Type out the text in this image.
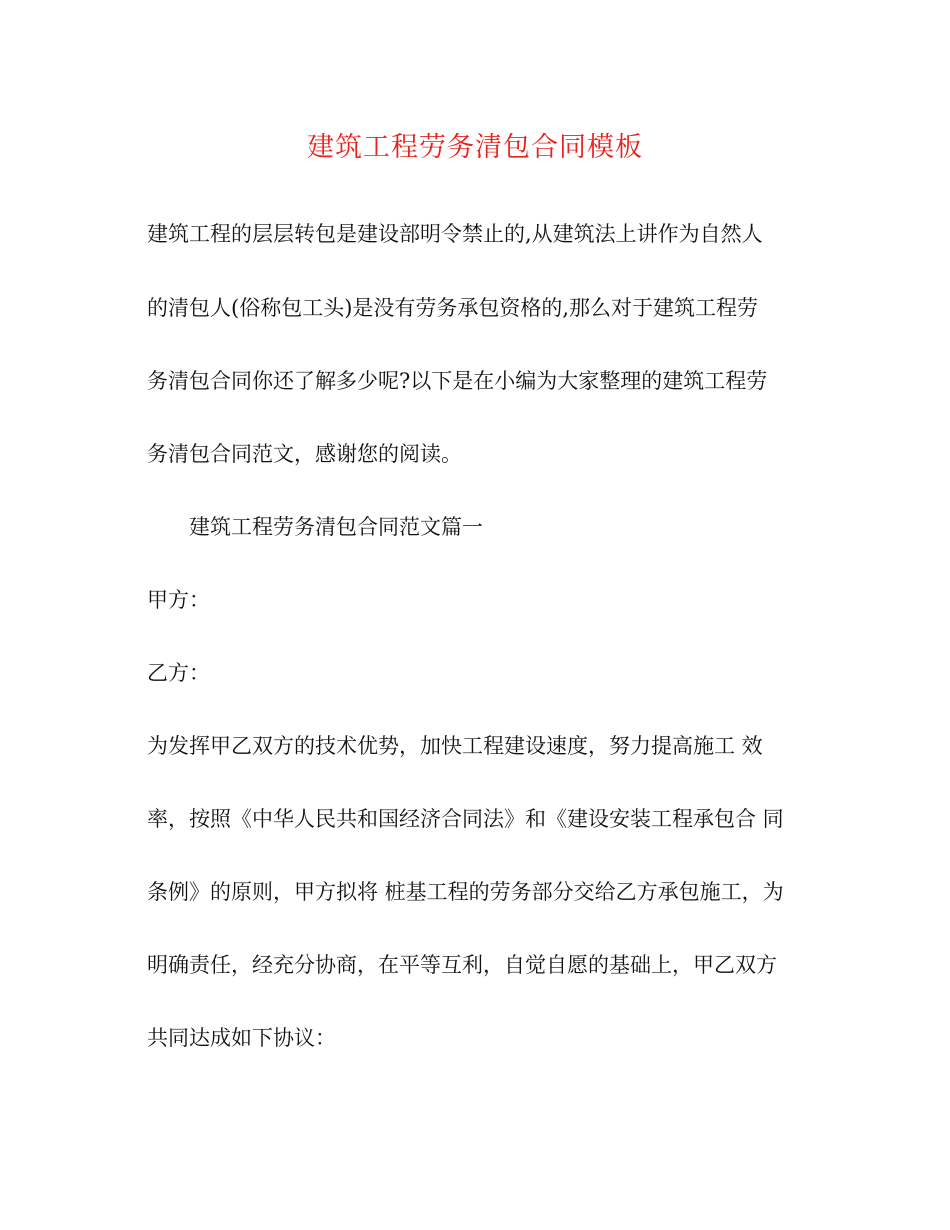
建筑工程劳务清包合同模板
建筑工程的层层转包是建设部明令禁止的,从建筑法上讲作为自然人
的清包人(俗称包工头)是没有劳务承包资格的,那么对于建筑工程劳
务清包合同你还了解多少呢?以下是在小编为大家整理的建筑工程劳
务清包合同范文，感谢您的阅读。
建筑工程劳务清包合同范文篇一
甲方：
乙方：
为发挥甲乙双方的技术优势，加快工程建设速度，努力提高施工 效
率，按照《中华人民共和国经济合同法》和《建设安装工程承包合 同
条例》的原则，甲方拟将 桩基工程的劳务部分交给乙方承包施工，为
明确责任，经充分协商，在平等互利，自觉自愿的基础上，甲乙双方
共同达成如下协议：
